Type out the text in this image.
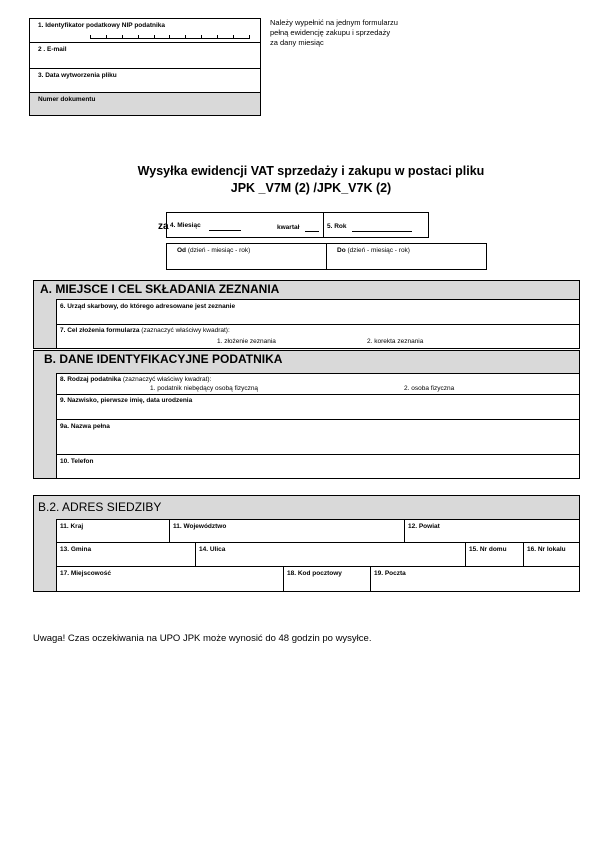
1. Identyfikator podatkowy NIP podatnika
2 . E-mail
3. Data wytworzenia pliku
Numer dokumentu
Należy wypełnić na jednym formularzu
pełną ewidencję zakupu i sprzedaży
za dany miesiąc
Wysyłka ewidencji VAT sprzedaży i zakupu w postaci pliku
JPK _V7M (2) /JPK_V7K (2)
za 4. Miesiąc	kwartał	5. Rok
Od (dzień - miesiąc - rok)	Do (dzień - miesiąc - rok)
A. MIEJSCE I CEL SKŁADANIA ZEZNANIA
6. Urząd skarbowy, do którego adresowane jest zeznanie
7. Cel złożenia formularza (zaznaczyć właściwy kwadrat):
1. złożenie zeznania	2. korekta zeznania
B. DANE IDENTYFIKACYJNE PODATNIKA
8. Rodzaj podatnika (zaznaczyć właściwy kwadrat):
1. podatnik niebędący osobą fizyczną	2. osoba fizyczna
9. Nazwisko, pierwsze imię, data urodzenia
9a. Nazwa pełna
10. Telefon
B.2. ADRES SIEDZIBY
11. Kraj	11. Województwo	12. Powiat
13. Gmina	14. Ulica	15. Nr domu	16. Nr lokalu
17. Miejscowość	18. Kod pocztowy	19. Poczta
Uwaga! Czas oczekiwania na UPO JPK może wynosić do 48 godzin po wysyłce.
